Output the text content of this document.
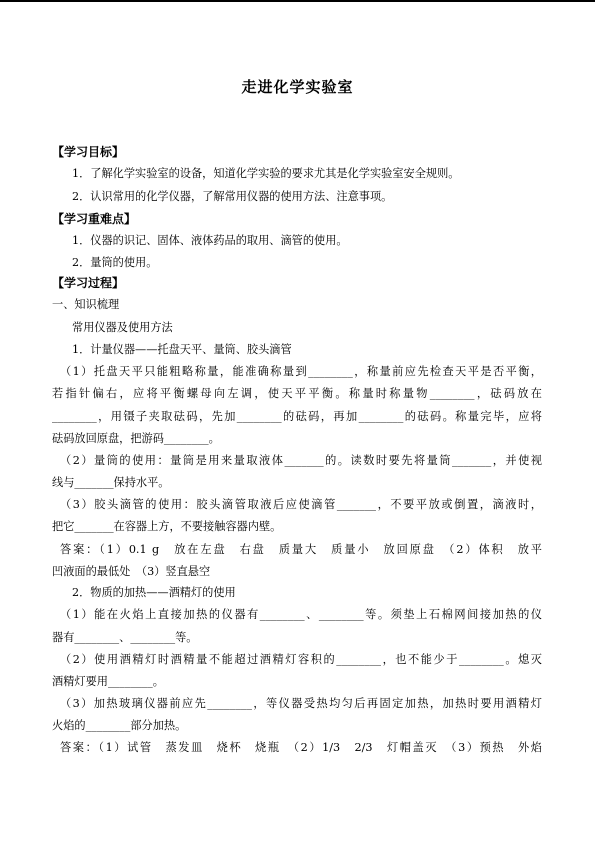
走进化学实验室
【学习目标】
1．了解化学实验室的设备，知道化学实验的要求尤其是化学实验室安全规则。
2．认识常用的化学仪器，了解常用仪器的使用方法、注意事项。
【学习重难点】
1．仪器的识记、固体、液体药品的取用、滴管的使用。
2．量筒的使用。
【学习过程】
一、知识梳理
常用仪器及使用方法
1．计量仪器——托盘天平、量筒、胶头滴管
（1）托盘天平只能粗略称量，能准确称量到________，称量前应先检查天平是否平衡，
若指针偏右，应将平衡螺母向左调，使天平平衡。称量时称量物________，砝码放在
________，用镊子夹取砝码，先加________的砝码，再加________的砝码。称量完毕，应将
砝码放回原盘，把游码________。
（2）量筒的使用：量筒是用来量取液体_______的。读数时要先将量筒_______，并使视
线与_______保持水平。
（3）胶头滴管的使用：胶头滴管取液后应使滴管_______，不要平放或倒置，滴液时，
把它_______在容器上方，不要接触容器内壁。
答案：（1）0.1 g　放在左盘　右盘　质量大　质量小　放回原盘　（2）体积　放平
凹液面的最低处　（3）竖直悬空
2．物质的加热——酒精灯的使用
（1）能在火焰上直接加热的仪器有________、________等。须垫上石棉网间接加热的仪
器有________、________等。
（2）使用酒精灯时酒精量不能超过酒精灯容积的________，也不能少于________。熄灭
酒精灯要用________。
（3）加热玻璃仪器前应先________，等仪器受热均匀后再固定加热，加热时要用酒精灯
火焰的________部分加热。
答案：（1）试管　蒸发皿　烧杯　烧瓶　（2）1/3　2/3　灯帽盖灭　（3）预热　外焰
